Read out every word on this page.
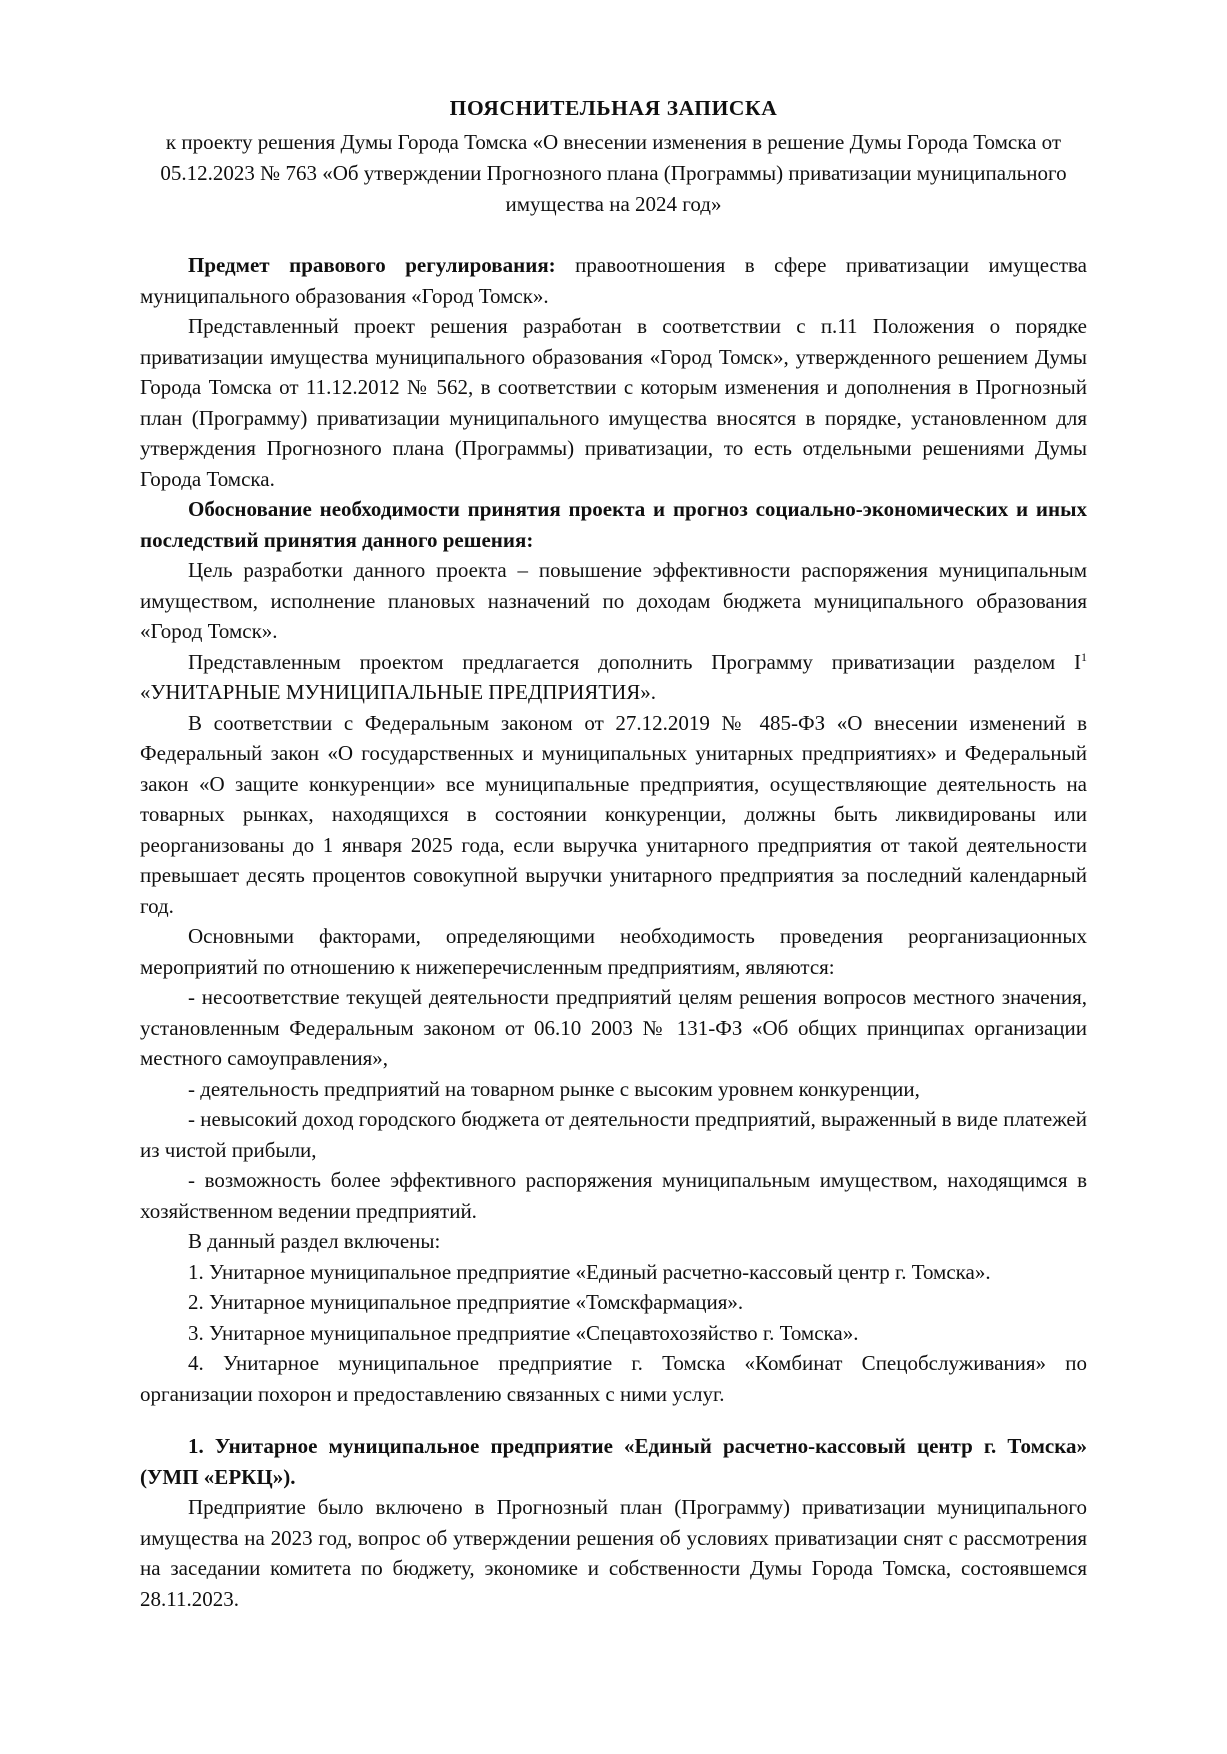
ПОЯСНИТЕЛЬНАЯ ЗАПИСКА
к проекту решения Думы Города Томска «О внесении изменения в решение Думы Города Томска от 05.12.2023 № 763 «Об утверждении Прогнозного плана (Программы) приватизации муниципального имущества на 2024 год»

Предмет правового регулирования: правоотношения в сфере приватизации имущества муниципального образования «Город Томск».

Представленный проект решения разработан в соответствии с п.11 Положения о порядке приватизации имущества муниципального образования «Город Томск», утвержденного решением Думы Города Томска от 11.12.2012 № 562, в соответствии с которым изменения и дополнения в Прогнозный план (Программу) приватизации муниципального имущества вносятся в порядке, установленном для утверждения Прогнозного плана (Программы) приватизации, то есть отдельными решениями Думы Города Томска.

Обоснование необходимости принятия проекта и прогноз социально-экономических и иных последствий принятия данного решения:

Цель разработки данного проекта – повышение эффективности распоряжения муниципальным имуществом, исполнение плановых назначений по доходам бюджета муниципального образования «Город Томск».

Представленным проектом предлагается дополнить Программу приватизации разделом $I^1$ «УНИТАРНЫЕ МУНИЦИПАЛЬНЫЕ ПРЕДПРИЯТИЯ».

В соответствии с Федеральным законом от 27.12.2019 № 485-ФЗ «О внесении изменений в Федеральный закон «О государственных и муниципальных унитарных предприятиях» и Федеральный закон «О защите конкуренции» все муниципальные предприятия, осуществляющие деятельность на товарных рынках, находящихся в состоянии конкуренции, должны быть ликвидированы или реорганизованы до 1 января 2025 года, если выручка унитарного предприятия от такой деятельности превышает десять процентов совокупной выручки унитарного предприятия за последний календарный год.

Основными факторами, определяющими необходимость проведения реорганизационных мероприятий по отношению к нижеперечисленным предприятиям, являются:

- несоответствие текущей деятельности предприятий целям решения вопросов местного значения, установленным Федеральным законом от 06.10 2003 № 131-ФЗ «Об общих принципах организации местного самоуправления»,

- деятельность предприятий на товарном рынке с высоким уровнем конкуренции,

- невысокий доход городского бюджета от деятельности предприятий, выраженный в виде платежей из чистой прибыли,

- возможность более эффективного распоряжения муниципальным имуществом, находящимся в хозяйственном ведении предприятий.

В данный раздел включены:

1. Унитарное муниципальное предприятие «Единый расчетно-кассовый центр г. Томска».

2. Унитарное муниципальное предприятие «Томскфармация».

3. Унитарное муниципальное предприятие «Спецавтохозяйство г. Томска».

4. Унитарное муниципальное предприятие г. Томска «Комбинат Спецобслуживания» по организации похорон и предоставлению связанных с ними услуг.

1. Унитарное муниципальное предприятие «Единый расчетно-кассовый центр г. Томска» (УМП «ЕРКЦ»).

Предприятие было включено в Прогнозный план (Программу) приватизации муниципального имущества на 2023 год, вопрос об утверждении решения об условиях приватизации снят с рассмотрения на заседании комитета по бюджету, экономике и собственности Думы Города Томска, состоявшемся 28.11.2023.
